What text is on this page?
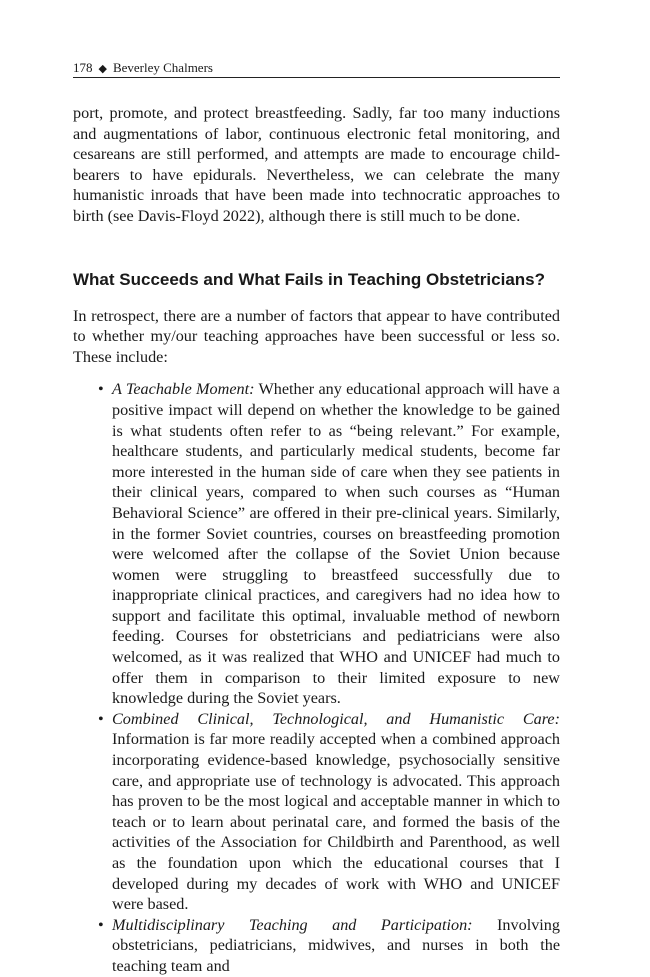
178 ◆ Beverley Chalmers

port, promote, and protect breastfeeding. Sadly, far too many inductions and augmentations of labor, continuous electronic fetal monitoring, and cesareans are still performed, and attempts are made to encourage child-bearers to have epidurals. Nevertheless, we can celebrate the many humanistic inroads that have been made into technocratic approaches to birth (see Davis-Floyd 2022), although there is still much to be done.

What Succeeds and What Fails in Teaching Obstetricians?

In retrospect, there are a number of factors that appear to have contributed to whether my/our teaching approaches have been successful or less so. These include:

• A Teachable Moment: Whether any educational approach will have a positive impact will depend on whether the knowledge to be gained is what students often refer to as “being relevant.” For example, healthcare students, and particularly medical students, become far more interested in the human side of care when they see patients in their clinical years, compared to when such courses as “Human Behavioral Science” are offered in their pre-clinical years. Similarly, in the former Soviet countries, courses on breastfeeding promotion were welcomed after the collapse of the Soviet Union because women were struggling to breastfeed successfully due to inappropriate clinical practices, and caregivers had no idea how to support and facilitate this optimal, invaluable method of newborn feeding. Courses for obstetricians and pediatricians were also welcomed, as it was realized that WHO and UNICEF had much to offer them in comparison to their limited exposure to new knowledge during the Soviet years.
• Combined Clinical, Technological, and Humanistic Care: Information is far more readily accepted when a combined approach incorporating evidence-based knowledge, psychosocially sensitive care, and appropriate use of technology is advocated. This approach has proven to be the most logical and acceptable manner in which to teach or to learn about perinatal care, and formed the basis of the activities of the Association for Childbirth and Parenthood, as well as the foundation upon which the educational courses that I developed during my decades of work with WHO and UNICEF were based.
• Multidisciplinary Teaching and Participation: Involving obstetricians, pediatricians, midwives, and nurses in both the teaching team and
